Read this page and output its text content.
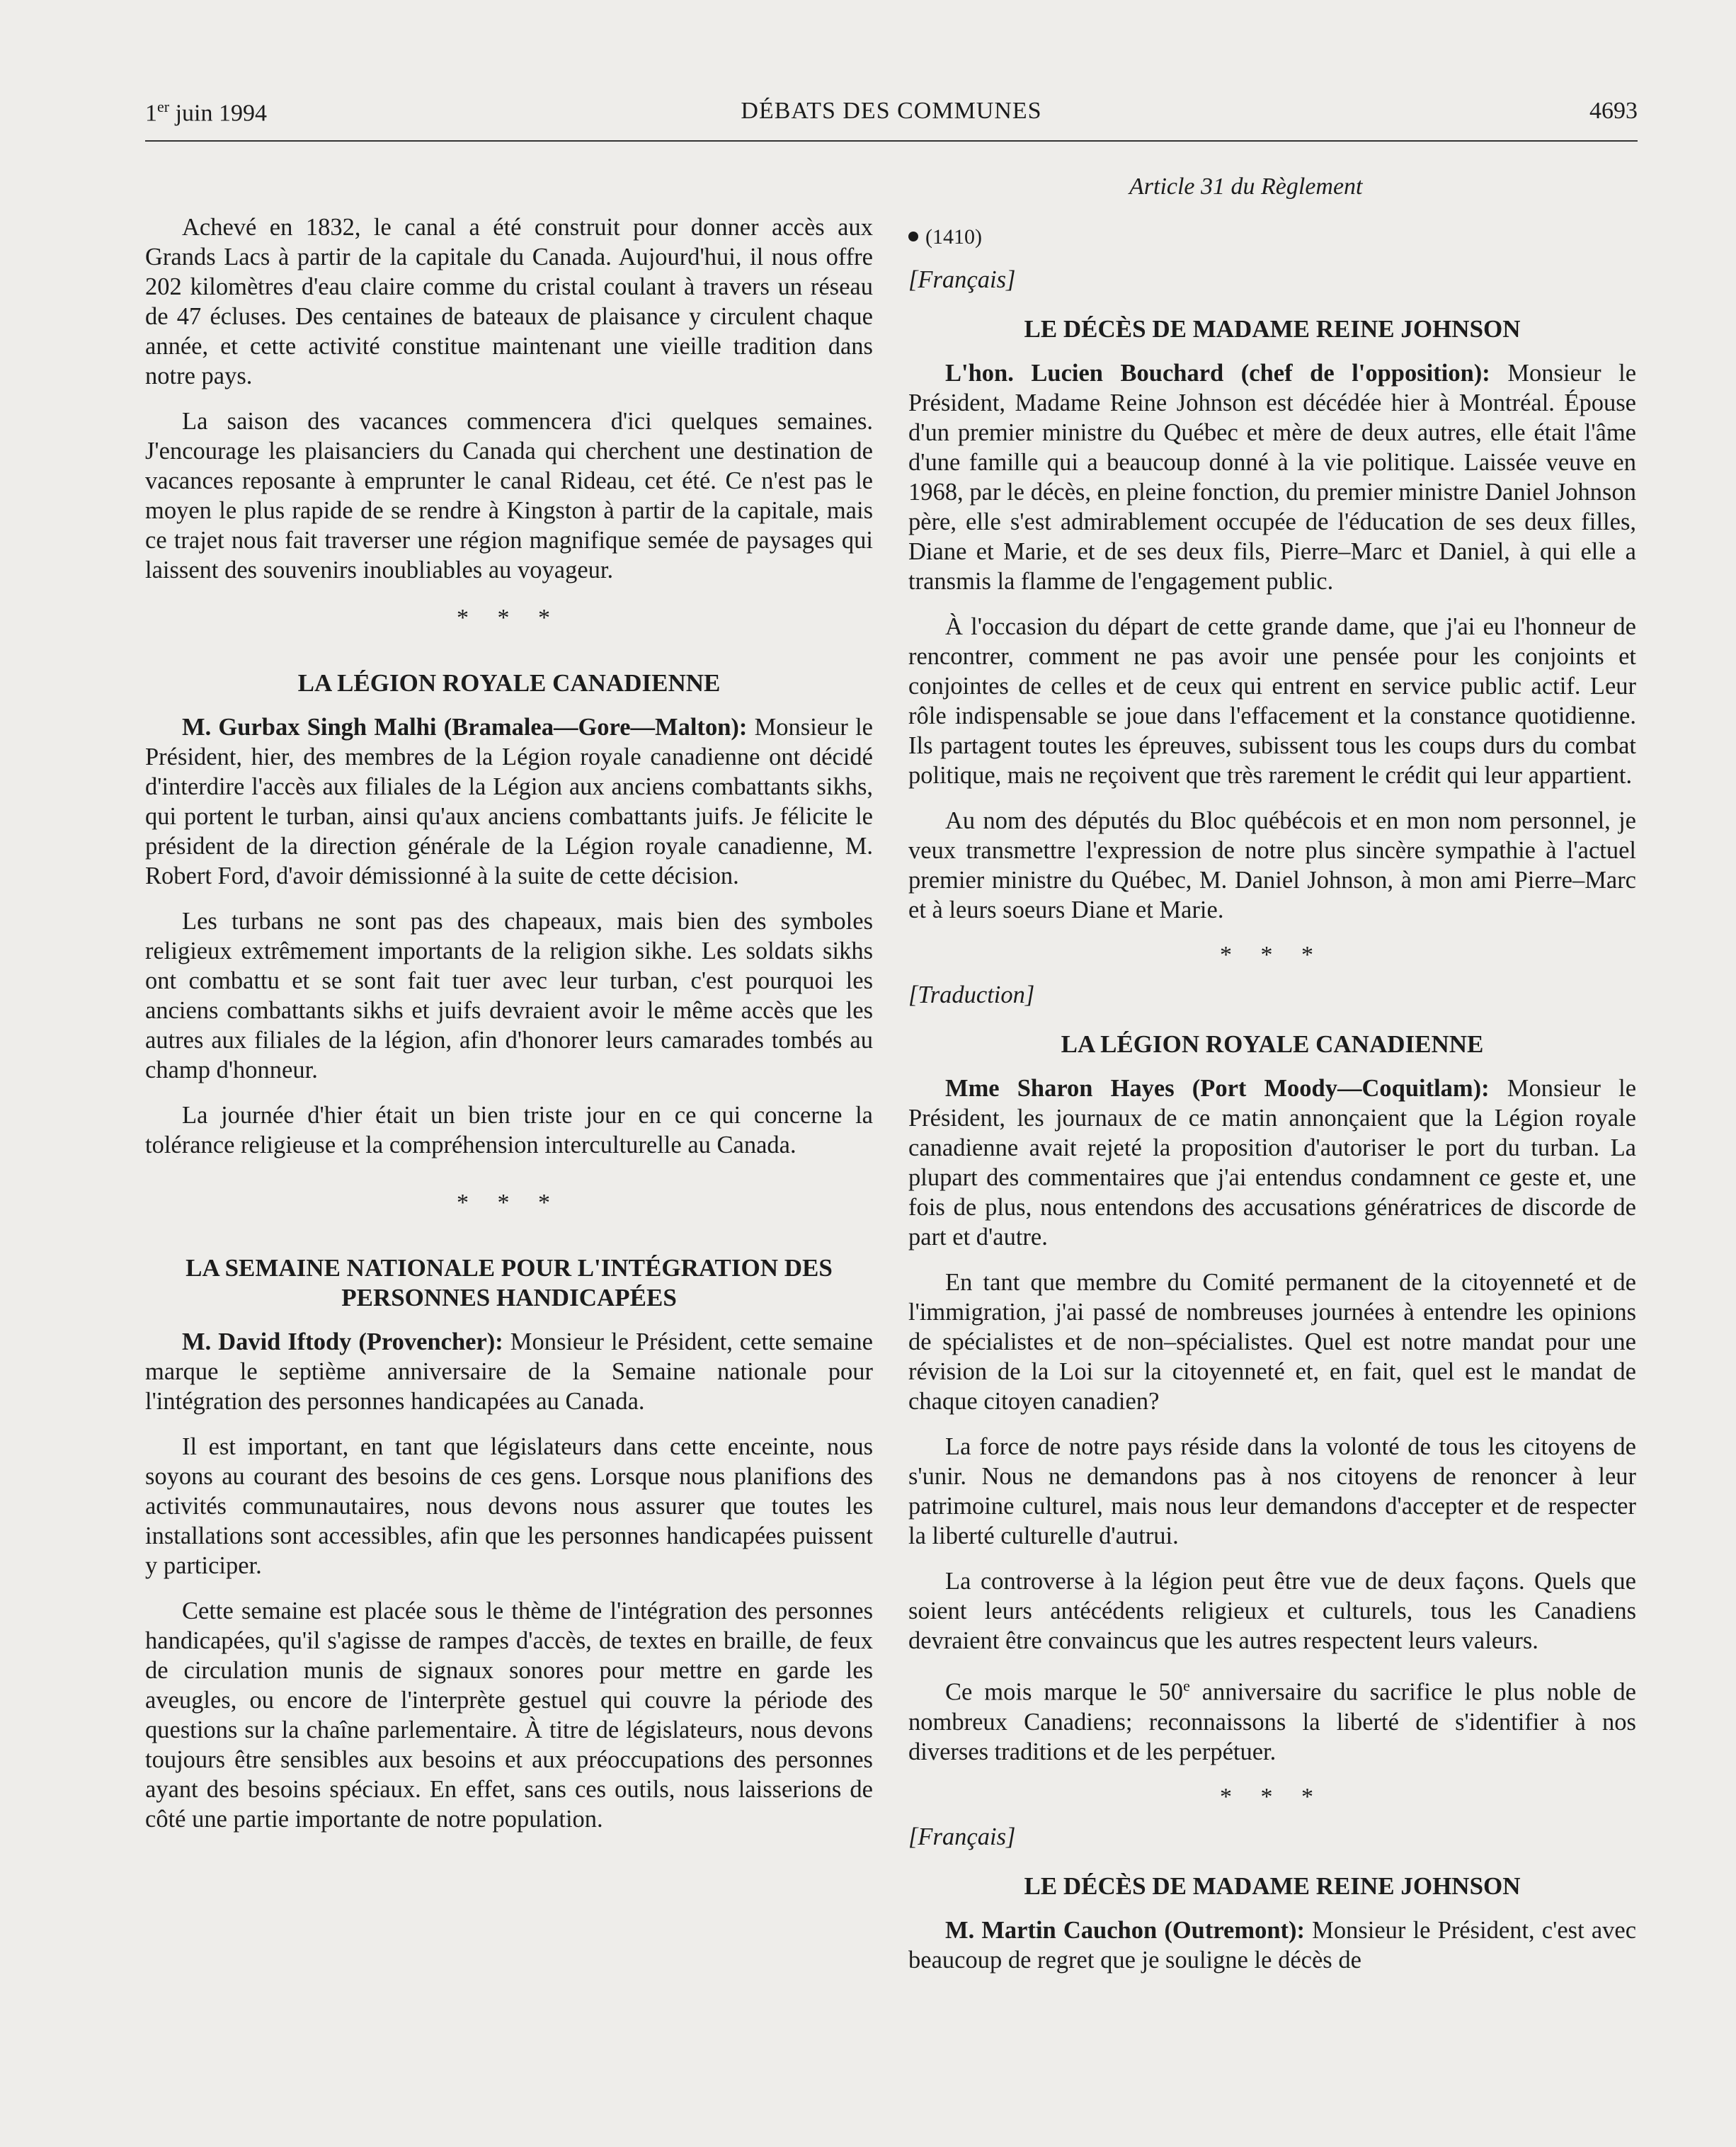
1er juin 1994	DÉBATS DES COMMUNES	4693
Article 31 du Règlement

Achevé en 1832, le canal a été construit pour donner accès aux Grands Lacs à partir de la capitale du Canada. Aujourd'hui, il nous offre 202 kilomètres d'eau claire comme du cristal coulant à travers un réseau de 47 écluses. Des centaines de bateaux de plaisance y circulent chaque année, et cette activité constitue maintenant une vieille tradition dans notre pays.

La saison des vacances commencera d'ici quelques semaines. J'encourage les plaisanciers du Canada qui cherchent une destination de vacances reposante à emprunter le canal Rideau, cet été. Ce n'est pas le moyen le plus rapide de se rendre à Kingston à partir de la capitale, mais ce trajet nous fait traverser une région magnifique semée de paysages qui laissent des souvenirs inoubliables au voyageur.

* * *
LA LÉGION ROYALE CANADIENNE

M. Gurbax Singh Malhi (Bramalea—Gore—Malton): Monsieur le Président, hier, des membres de la Légion royale canadienne ont décidé d'interdire l'accès aux filiales de la Légion aux anciens combattants sikhs, qui portent le turban, ainsi qu'aux anciens combattants juifs. Je félicite le président de la direction générale de la Légion royale canadienne, M. Robert Ford, d'avoir démissionné à la suite de cette décision.

Les turbans ne sont pas des chapeaux, mais bien des symboles religieux extrêmement importants de la religion sikhe. Les soldats sikhs ont combattu et se sont fait tuer avec leur turban, c'est pourquoi les anciens combattants sikhs et juifs devraient avoir le même accès que les autres aux filiales de la légion, afin d'honorer leurs camarades tombés au champ d'honneur.

La journée d'hier était un bien triste jour en ce qui concerne la tolérance religieuse et la compréhension interculturelle au Canada.

* * *
LA SEMAINE NATIONALE POUR L'INTÉGRATION DES PERSONNES HANDICAPÉES

M. David Iftody (Provencher): Monsieur le Président, cette semaine marque le septième anniversaire de la Semaine nationale pour l'intégration des personnes handicapées au Canada.

Il est important, en tant que législateurs dans cette enceinte, nous soyons au courant des besoins de ces gens. Lorsque nous planifions des activités communautaires, nous devons nous assurer que toutes les installations sont accessibles, afin que les personnes handicapées puissent y participer.

Cette semaine est placée sous le thème de l'intégration des personnes handicapées, qu'il s'agisse de rampes d'accès, de textes en braille, de feux de circulation munis de signaux sonores pour mettre en garde les aveugles, ou encore de l'interprète gestuel qui couvre la période des questions sur la chaîne parlementaire. À titre de législateurs, nous devons toujours être sensibles aux besoins et aux préoccupations des personnes ayant des besoins spéciaux. En effet, sans ces outils, nous laisserions de côté une partie importante de notre population.

(1410)
[Français]
LE DÉCÈS DE MADAME REINE JOHNSON

L'hon. Lucien Bouchard (chef de l'opposition): Monsieur le Président, Madame Reine Johnson est décédée hier à Montréal. Épouse d'un premier ministre du Québec et mère de deux autres, elle était l'âme d'une famille qui a beaucoup donné à la vie politique. Laissée veuve en 1968, par le décès, en pleine fonction, du premier ministre Daniel Johnson père, elle s'est admirablement occupée de l'éducation de ses deux filles, Diane et Marie, et de ses deux fils, Pierre–Marc et Daniel, à qui elle a transmis la flamme de l'engagement public.

À l'occasion du départ de cette grande dame, que j'ai eu l'honneur de rencontrer, comment ne pas avoir une pensée pour les conjoints et conjointes de celles et de ceux qui entrent en service public actif. Leur rôle indispensable se joue dans l'effacement et la constance quotidienne. Ils partagent toutes les épreuves, subissent tous les coups durs du combat politique, mais ne reçoivent que très rarement le crédit qui leur appartient.

Au nom des députés du Bloc québécois et en mon nom personnel, je veux transmettre l'expression de notre plus sincère sympathie à l'actuel premier ministre du Québec, M. Daniel Johnson, à mon ami Pierre–Marc et à leurs soeurs Diane et Marie.

* * *
[Traduction]
LA LÉGION ROYALE CANADIENNE

Mme Sharon Hayes (Port Moody—Coquitlam): Monsieur le Président, les journaux de ce matin annonçaient que la Légion royale canadienne avait rejeté la proposition d'autoriser le port du turban. La plupart des commentaires que j'ai entendus condamnent ce geste et, une fois de plus, nous entendons des accusations génératrices de discorde de part et d'autre.

En tant que membre du Comité permanent de la citoyenneté et de l'immigration, j'ai passé de nombreuses journées à entendre les opinions de spécialistes et de non–spécialistes. Quel est notre mandat pour une révision de la Loi sur la citoyenneté et, en fait, quel est le mandat de chaque citoyen canadien?

La force de notre pays réside dans la volonté de tous les citoyens de s'unir. Nous ne demandons pas à nos citoyens de renoncer à leur patrimoine culturel, mais nous leur demandons d'accepter et de respecter la liberté culturelle d'autrui.

La controverse à la légion peut être vue de deux façons. Quels que soient leurs antécédents religieux et culturels, tous les Canadiens devraient être convaincus que les autres respectent leurs valeurs.

Ce mois marque le 50e anniversaire du sacrifice le plus noble de nombreux Canadiens; reconnaissons la liberté de s'identifier à nos diverses traditions et de les perpétuer.

* * *
[Français]
LE DÉCÈS DE MADAME REINE JOHNSON

M. Martin Cauchon (Outremont): Monsieur le Président, c'est avec beaucoup de regret que je souligne le décès de
